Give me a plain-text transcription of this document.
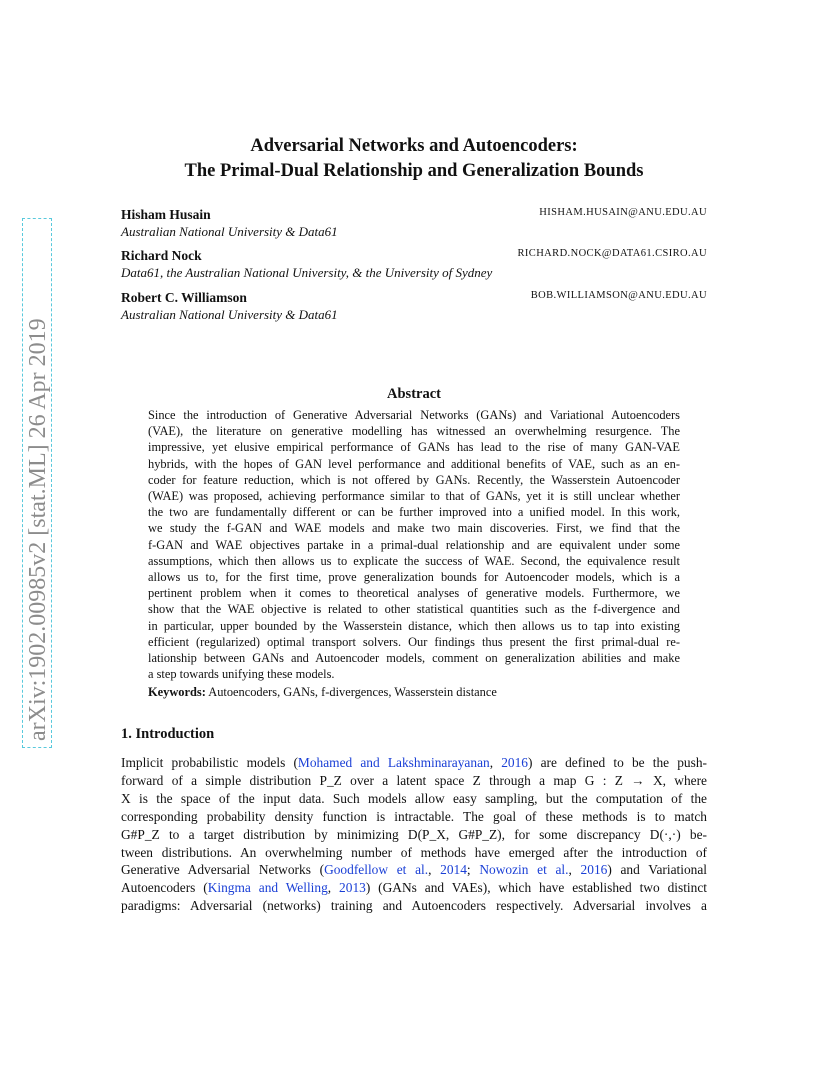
arXiv:1902.00985v2 [stat.ML] 26 Apr 2019
Adversarial Networks and Autoencoders:
The Primal-Dual Relationship and Generalization Bounds
Hisham Husain	HISHAM.HUSAIN@ANU.EDU.AU
Australian National University & Data61
Richard Nock	RICHARD.NOCK@DATA61.CSIRO.AU
Data61, the Australian National University, & the University of Sydney
Robert C. Williamson	BOB.WILLIAMSON@ANU.EDU.AU
Australian National University & Data61
Abstract
Since the introduction of Generative Adversarial Networks (GANs) and Variational Autoencoders
(VAE), the literature on generative modelling has witnessed an overwhelming resurgence. The
impressive, yet elusive empirical performance of GANs has lead to the rise of many GAN-VAE
hybrids, with the hopes of GAN level performance and additional benefits of VAE, such as an en-
coder for feature reduction, which is not offered by GANs. Recently, the Wasserstein Autoencoder
(WAE) was proposed, achieving performance similar to that of GANs, yet it is still unclear whether
the two are fundamentally different or can be further improved into a unified model. In this work,
we study the f-GAN and WAE models and make two main discoveries. First, we find that the
f-GAN and WAE objectives partake in a primal-dual relationship and are equivalent under some
assumptions, which then allows us to explicate the success of WAE. Second, the equivalence result
allows us to, for the first time, prove generalization bounds for Autoencoder models, which is a
pertinent problem when it comes to theoretical analyses of generative models. Furthermore, we
show that the WAE objective is related to other statistical quantities such as the f-divergence and
in particular, upper bounded by the Wasserstein distance, which then allows us to tap into existing
efficient (regularized) optimal transport solvers. Our findings thus present the first primal-dual re-
lationship between GANs and Autoencoder models, comment on generalization abilities and make
a step towards unifying these models.
Keywords: Autoencoders, GANs, f-divergences, Wasserstein distance
1. Introduction
Implicit probabilistic models (Mohamed and Lakshminarayanan, 2016) are defined to be the push-
forward of a simple distribution P_Z over a latent space Z through a map G : Z → X, where
X is the space of the input data. Such models allow easy sampling, but the computation of the
corresponding probability density function is intractable. The goal of these methods is to match
G#P_Z to a target distribution by minimizing D(P_X, G#P_Z), for some discrepancy D(·,·) be-
tween distributions. An overwhelming number of methods have emerged after the introduction of
Generative Adversarial Networks (Goodfellow et al., 2014; Nowozin et al., 2016) and Variational
Autoencoders (Kingma and Welling, 2013) (GANs and VAEs), which have established two distinct
paradigms: Adversarial (networks) training and Autoencoders respectively. Adversarial involves a
